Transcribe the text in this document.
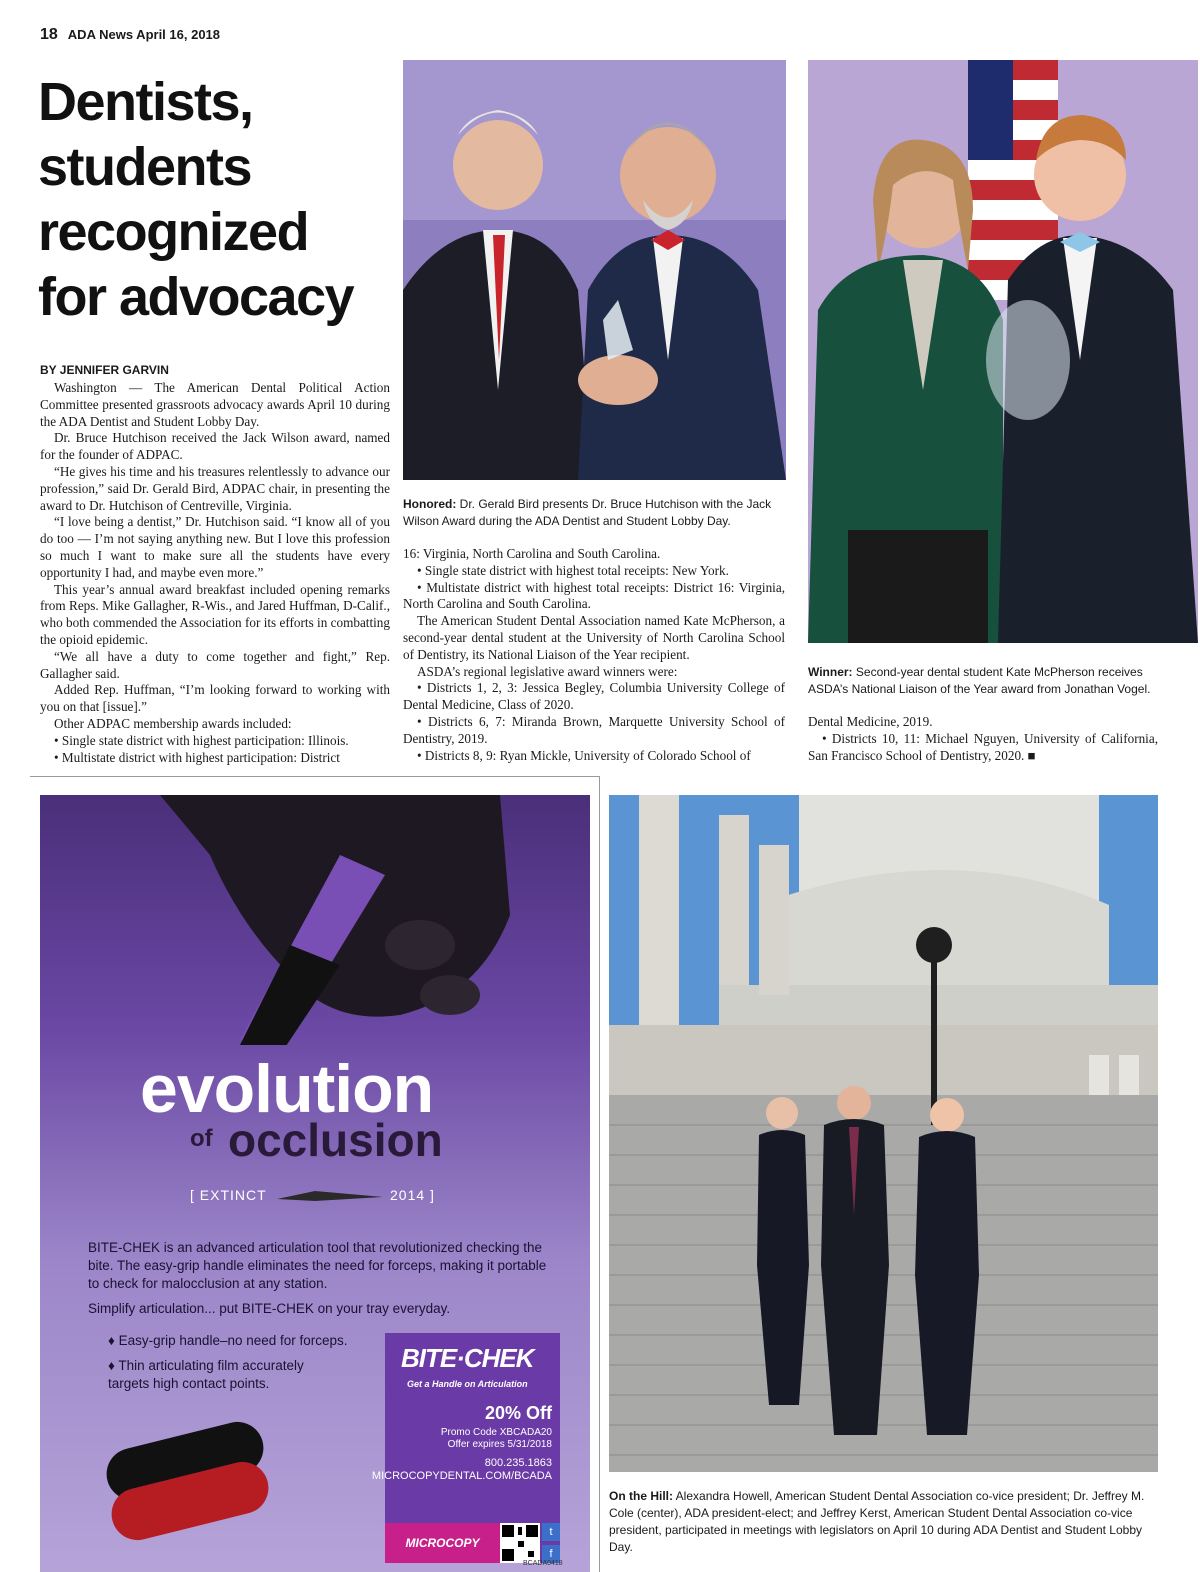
18 ADA News April 16, 2018
Dentists,
students
recognized
for advocacy
BY JENNIFER GARVIN

Washington — The American Dental Political Action Committee presented grassroots advocacy awards April 10 during the ADA Dentist and Student Lobby Day.

Dr. Bruce Hutchison received the Jack Wilson award, named for the founder of ADPAC.

“He gives his time and his treasures relentlessly to advance our profession,” said Dr. Gerald Bird, ADPAC chair, in presenting the award to Dr. Hutchison of Centreville, Virginia.

“I love being a dentist,” Dr. Hutchison said. “I know all of you do too — I’m not saying anything new. But I love this profession so much I want to make sure all the students have every opportunity I had, and maybe even more.”

This year’s annual award breakfast included opening remarks from Reps. Mike Gallagher, R-Wis., and Jared Huffman, D-Calif., who both commended the Association for its efforts in combatting the opioid epidemic.

“We all have a duty to come together and fight,” Rep. Gallagher said.

Added Rep. Huffman, “I’m looking forward to working with you on that [issue].”

Other ADPAC membership awards included:

• Single state district with highest participation: Illinois.

• Multistate district with highest participation: District

Honored: Dr. Gerald Bird presents Dr. Bruce Hutchison with the Jack Wilson Award during the ADA Dentist and Student Lobby Day.

16: Virginia, North Carolina and South Carolina.

• Single state district with highest total receipts: New York.

• Multistate district with highest total receipts: District 16: Virginia, North Carolina and South Carolina.

The American Student Dental Association named Kate McPherson, a second-year dental student at the University of North Carolina School of Dentistry, its National Liaison of the Year recipient.

ASDA’s regional legislative award winners were:

• Districts 1, 2, 3: Jessica Begley, Columbia University College of Dental Medicine, Class of 2020.

• Districts 6, 7: Miranda Brown, Marquette University School of Dentistry, 2019.

• Districts 8, 9: Ryan Mickle, University of Colorado School of

Winner: Second-year dental student Kate McPherson receives ASDA’s National Liaison of the Year award from Jonathan Vogel.

Dental Medicine, 2019.

• Districts 10, 11: Michael Nguyen, University of California, San Francisco School of Dentistry, 2020. ■

evolution
of occlusion
[ EXTINCT	2014 ]
BITE-CHEK is an advanced articulation tool that revolutionized checking the bite. The easy-grip handle eliminates the need for forceps, making it portable to check for malocclusion at any station.
Simplify articulation... put BITE-CHEK on your tray everyday.
♦ Easy-grip handle–no need for forceps.
♦ Thin articulating film accurately targets high contact points.
BITE·CHEK
Get a Handle on Articulation
20% Off
Promo Code XBCADA20
Offer expires 5/31/2018
800.235.1863
MICROCOPYDENTAL.COM/BCADA
MICROCOPY
t
f
BCADA0418
On the Hill: Alexandra Howell, American Student Dental Association co-vice president; Dr. Jeffrey M. Cole (center), ADA president-elect; and Jeffrey Kerst, American Student Dental Association co-vice president, participated in meetings with legislators on April 10 during ADA Dentist and Student Lobby Day.
